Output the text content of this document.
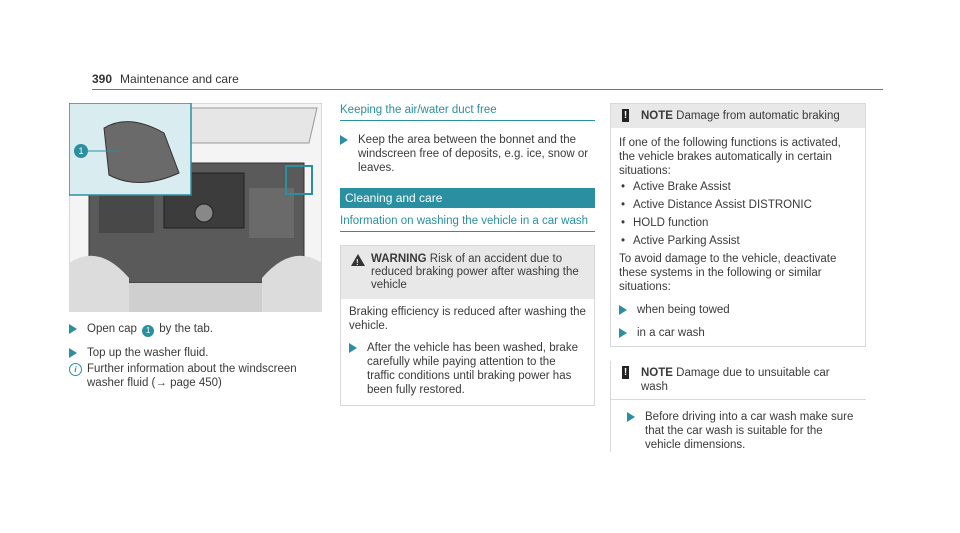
390 Maintenance and care
1
Open cap 1 by the tab.
Top up the washer fluid.
i Further information about the windscreen washer fluid (→ page 450)
Keeping the air/water duct free
Keep the area between the bonnet and the windscreen free of deposits, e.g. ice, snow or leaves.
Cleaning and care
Information on washing the vehicle in a car wash
! WARNING Risk of an accident due to reduced braking power after washing the vehicle
Braking efficiency is reduced after washing the vehicle.
After the vehicle has been washed, brake carefully while paying attention to the traffic conditions until braking power has been fully restored.
! NOTE Damage from automatic braking
If one of the following functions is activated, the vehicle brakes automatically in certain situations:
• Active Brake Assist
• Active Distance Assist DISTRONIC
• HOLD function
• Active Parking Assist
To avoid damage to the vehicle, deactivate these systems in the following or similar situations:
when being towed
in a car wash
! NOTE Damage due to unsuitable car wash
Before driving into a car wash make sure that the car wash is suitable for the vehicle dimensions.
